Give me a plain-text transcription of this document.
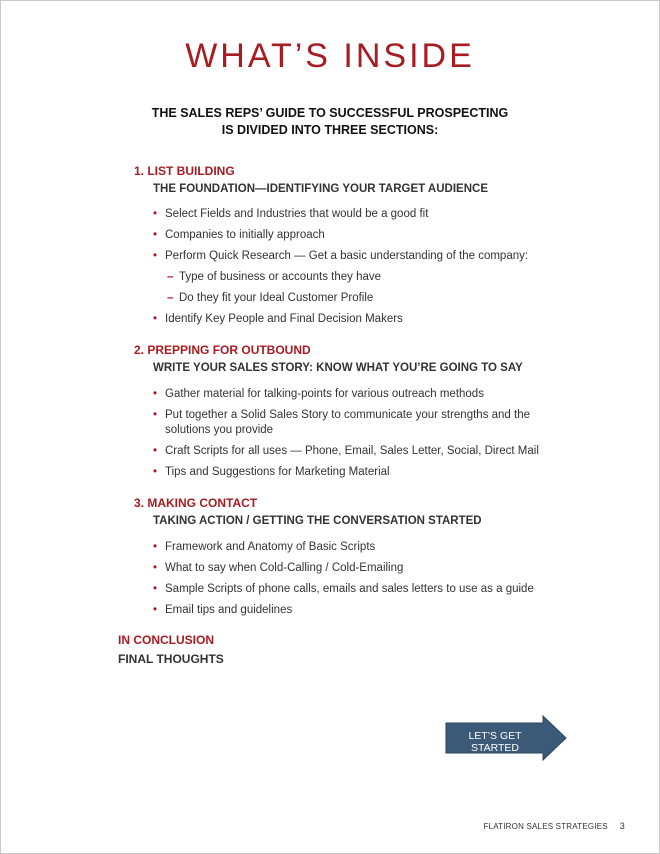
WHAT’S INSIDE
THE SALES REPS’ GUIDE TO SUCCESSFUL PROSPECTING
IS DIVIDED INTO THREE SECTIONS:
1. LIST BUILDING
THE FOUNDATION—IDENTIFYING YOUR TARGET AUDIENCE
• Select Fields and Industries that would be a good fit
• Companies to initially approach
• Perform Quick Research — Get a basic understanding of the company:
– Type of business or accounts they have
– Do they fit your Ideal Customer Profile
• Identify Key People and Final Decision Makers
2. PREPPING FOR OUTBOUND
WRITE YOUR SALES STORY: KNOW WHAT YOU’RE GOING TO SAY
• Gather material for talking-points for various outreach methods
• Put together a Solid Sales Story to communicate your strengths and the solutions you provide
• Craft Scripts for all uses — Phone, Email, Sales Letter, Social, Direct Mail
• Tips and Suggestions for Marketing Material
3. MAKING CONTACT
TAKING ACTION / GETTING THE CONVERSATION STARTED
• Framework and Anatomy of Basic Scripts
• What to say when Cold-Calling / Cold-Emailing
• Sample Scripts of phone calls, emails and sales letters to use as a guide
• Email tips and guidelines
IN CONCLUSION
FINAL THOUGHTS
LET’S GET STARTED
FLATIRON SALES STRATEGIES 3
